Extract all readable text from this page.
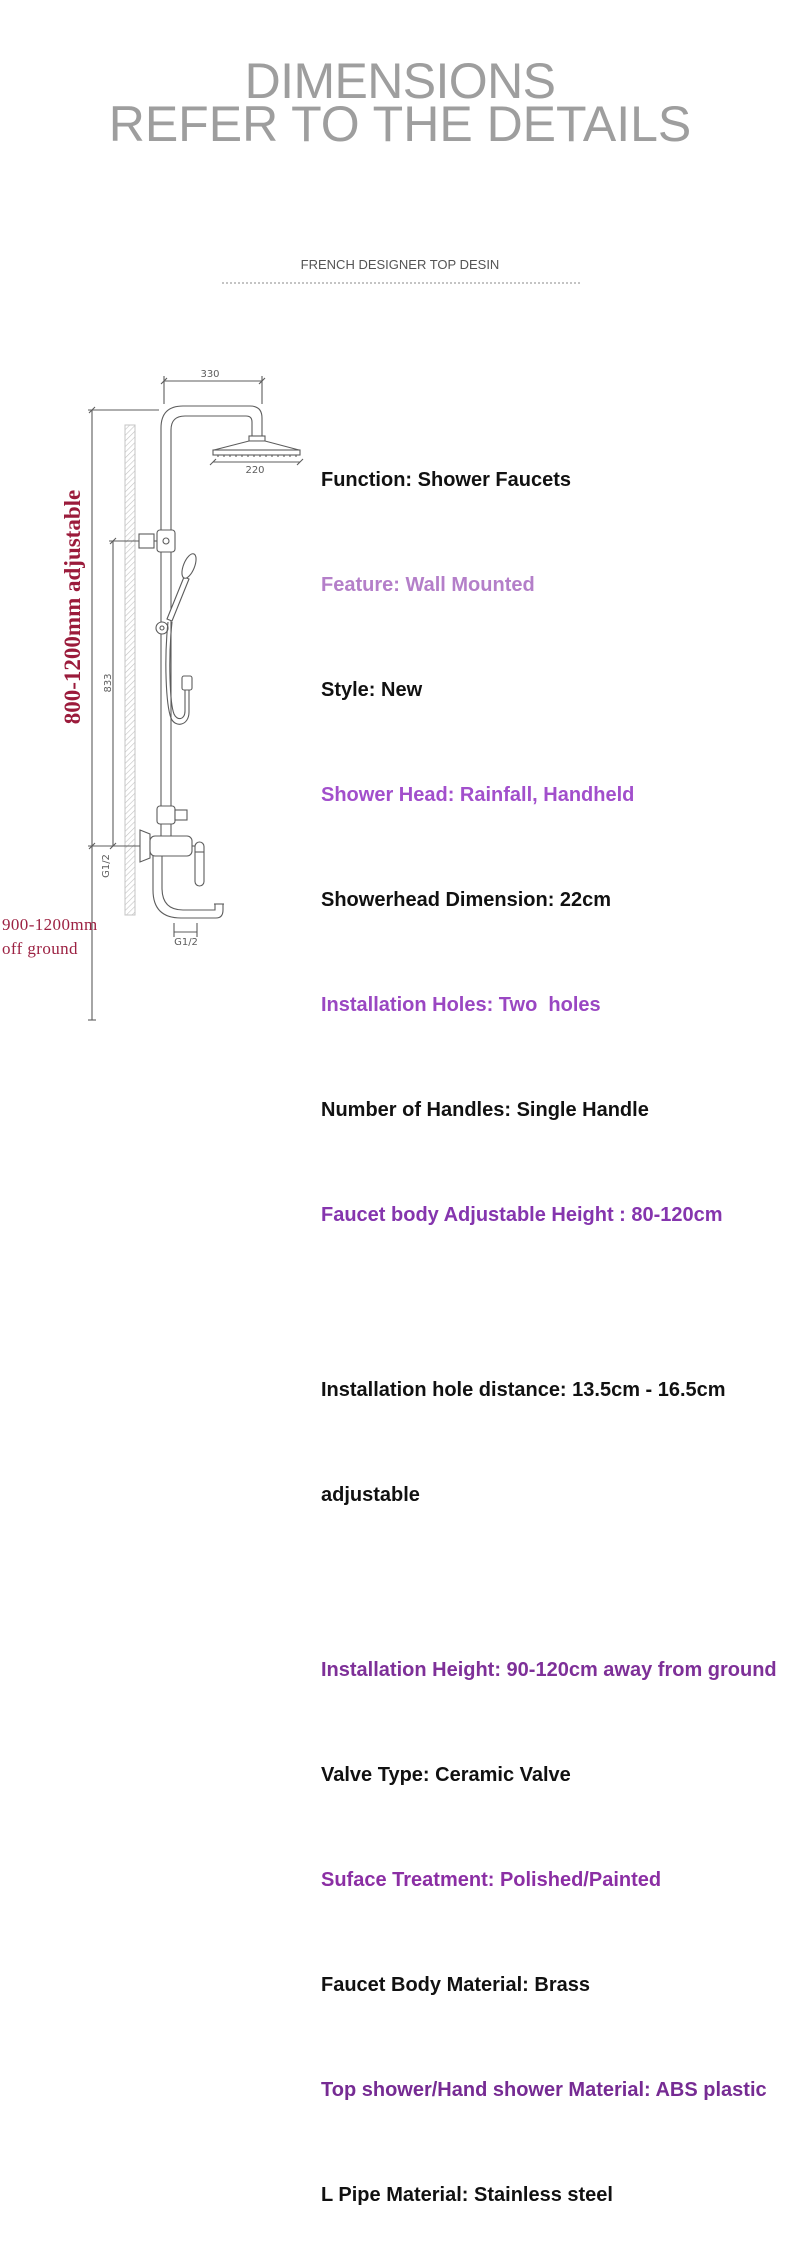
DIMENSIONS
REFER TO THE DETAILS
FRENCH DESIGNER TOP DESIN
330
220
833
G1/2
G1/2
800-1200mm adjustable
900-1200mm
off ground

Function: Shower Faucets

Feature: Wall Mounted

Style: New

Shower Head: Rainfall, Handheld

Showerhead Dimension: 22cm

Installation Holes: Two  holes

Number of Handles: Single Handle

Faucet body Adjustable Height : 80-120cm

Installation hole distance: 13.5cm - 16.5cm

adjustable

Installation Height: 90-120cm away from ground

Valve Type: Ceramic Valve

Suface Treatment: Polished/Painted

Faucet Body Material: Brass

Top shower/Hand shower Material: ABS plastic

L Pipe Material: Stainless steel
